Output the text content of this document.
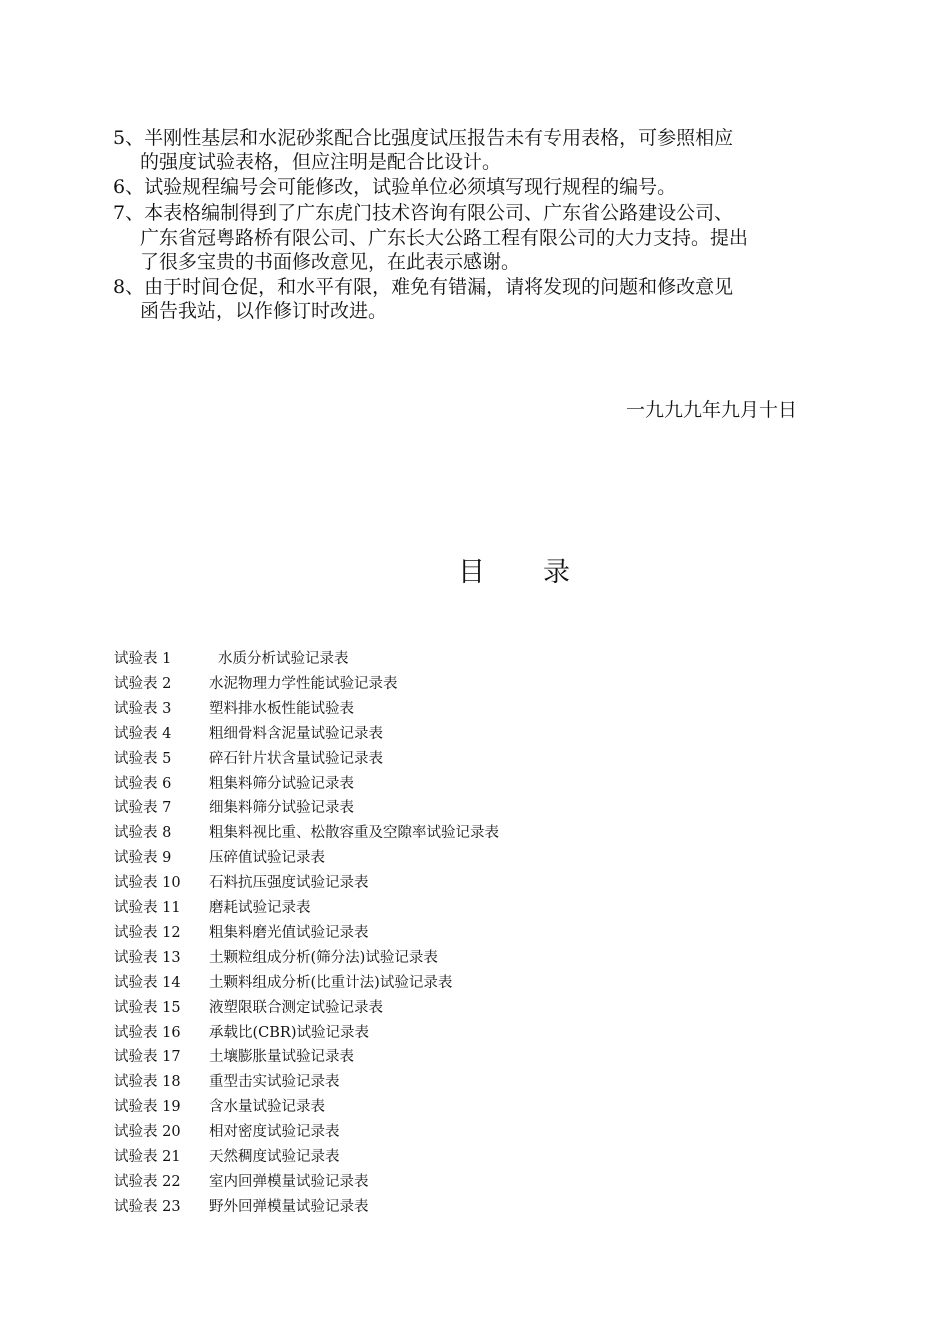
5、半刚性基层和水泥砂浆配合比强度试压报告未有专用表格，可参照相应
的强度试验表格，但应注明是配合比设计。
6、试验规程编号会可能修改，试验单位必须填写现行规程的编号。
7、本表格编制得到了广东虎门技术咨询有限公司、广东省公路建设公司、
广东省冠粤路桥有限公司、广东长大公路工程有限公司的大力支持。提出
了很多宝贵的书面修改意见，在此表示感谢。
8、由于时间仓促，和水平有限，难免有错漏，请将发现的问题和修改意见
函告我站，以作修订时改进。
一九九九年九月十日
目 录
试验表 1	水质分析试验记录表
试验表 2	水泥物理力学性能试验记录表
试验表 3	塑料排水板性能试验表
试验表 4	粗细骨料含泥量试验记录表
试验表 5	碎石针片状含量试验记录表
试验表 6	粗集料筛分试验记录表
试验表 7	细集料筛分试验记录表
试验表 8	粗集料视比重、松散容重及空隙率试验记录表
试验表 9	压碎值试验记录表
试验表 10	石料抗压强度试验记录表
试验表 11	磨耗试验记录表
试验表 12	粗集料磨光值试验记录表
试验表 13	土颗粒组成分析(筛分法)试验记录表
试验表 14	土颗料组成分析(比重计法)试验记录表
试验表 15	液塑限联合测定试验记录表
试验表 16	承载比(CBR)试验记录表
试验表 17	土壤膨胀量试验记录表
试验表 18	重型击实试验记录表
试验表 19	含水量试验记录表
试验表 20	相对密度试验记录表
试验表 21	天然稠度试验记录表
试验表 22	室内回弹模量试验记录表
试验表 23	野外回弹模量试验记录表
